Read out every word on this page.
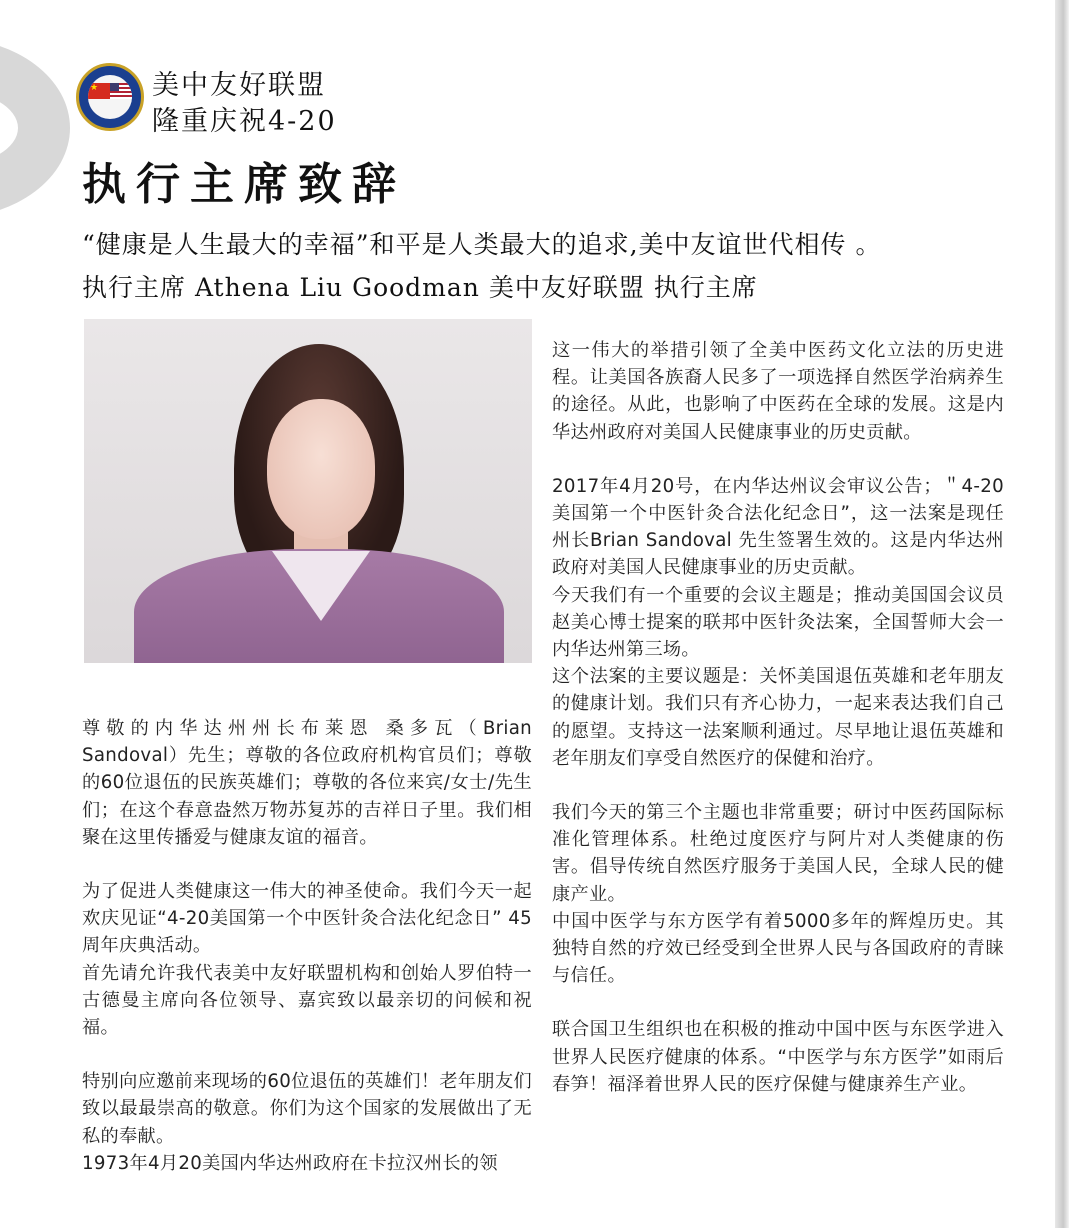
★
美中友好联盟
隆重庆祝4-20
执行主席致辞
“健康是人生最大的幸福”和平是人类最大的追求,美中友谊世代相传 。
执行主席 Athena Liu Goodman 美中友好联盟 执行主席

尊敬的内华达州州长布莱恩 桑多瓦（Brian Sandoval）先生；尊敬的各位政府机构官员们；尊敬的60位退伍的民族英雄们；尊敬的各位来宾/女士/先生们；在这个春意盎然万物苏复苏的吉祥日子里。我们相聚在这里传播爱与健康友谊的福音。

为了促进人类健康这一伟大的神圣使命。我们今天一起欢庆见证“4-20美国第一个中医针灸合法化纪念日” 45周年庆典活动。

首先请允许我代表美中友好联盟机构和创始人罗伯特一古德曼主席向各位领导、嘉宾致以最亲切的问候和祝福。

特别向应邀前来现场的60位退伍的英雄们！老年朋友们致以最最崇高的敬意。你们为这个国家的发展做出了无私的奉献。

1973年4月20美国内华达州政府在卡拉汉州长的领

这一伟大的举措引领了全美中医药文化立法的历史进程。让美国各族裔人民多了一项选择自然医学治病养生的途径。从此，也影响了中医药在全球的发展。这是内华达州政府对美国人民健康事业的历史贡献。

2017年4月20号，在内华达州议会审议公告；＂4-20美国第一个中医针灸合法化纪念日”，这一法案是现任州长Brian Sandoval 先生签署生效的。这是内华达州政府对美国人民健康事业的历史贡献。

今天我们有一个重要的会议主题是；推动美国国会议员赵美心博士提案的联邦中医针灸法案，全国誓师大会一内华达州第三场。

这个法案的主要议题是：关怀美国退伍英雄和老年朋友的健康计划。我们只有齐心协力，一起来表达我们自己的愿望。支持这一法案顺利通过。尽早地让退伍英雄和老年朋友们享受自然医疗的保健和治疗。

我们今天的第三个主题也非常重要；研讨中医药国际标准化管理体系。杜绝过度医疗与阿片对人类健康的伤害。倡导传统自然医疗服务于美国人民，全球人民的健康产业。

中国中医学与东方医学有着5000多年的辉煌历史。其独特自然的疗效已经受到全世界人民与各国政府的青睐与信任。

联合国卫生组织也在积极的推动中国中医与东医学进入世界人民医疗健康的体系。“中医学与东方医学”如雨后春笋！福泽着世界人民的医疗保健与健康养生产业。
